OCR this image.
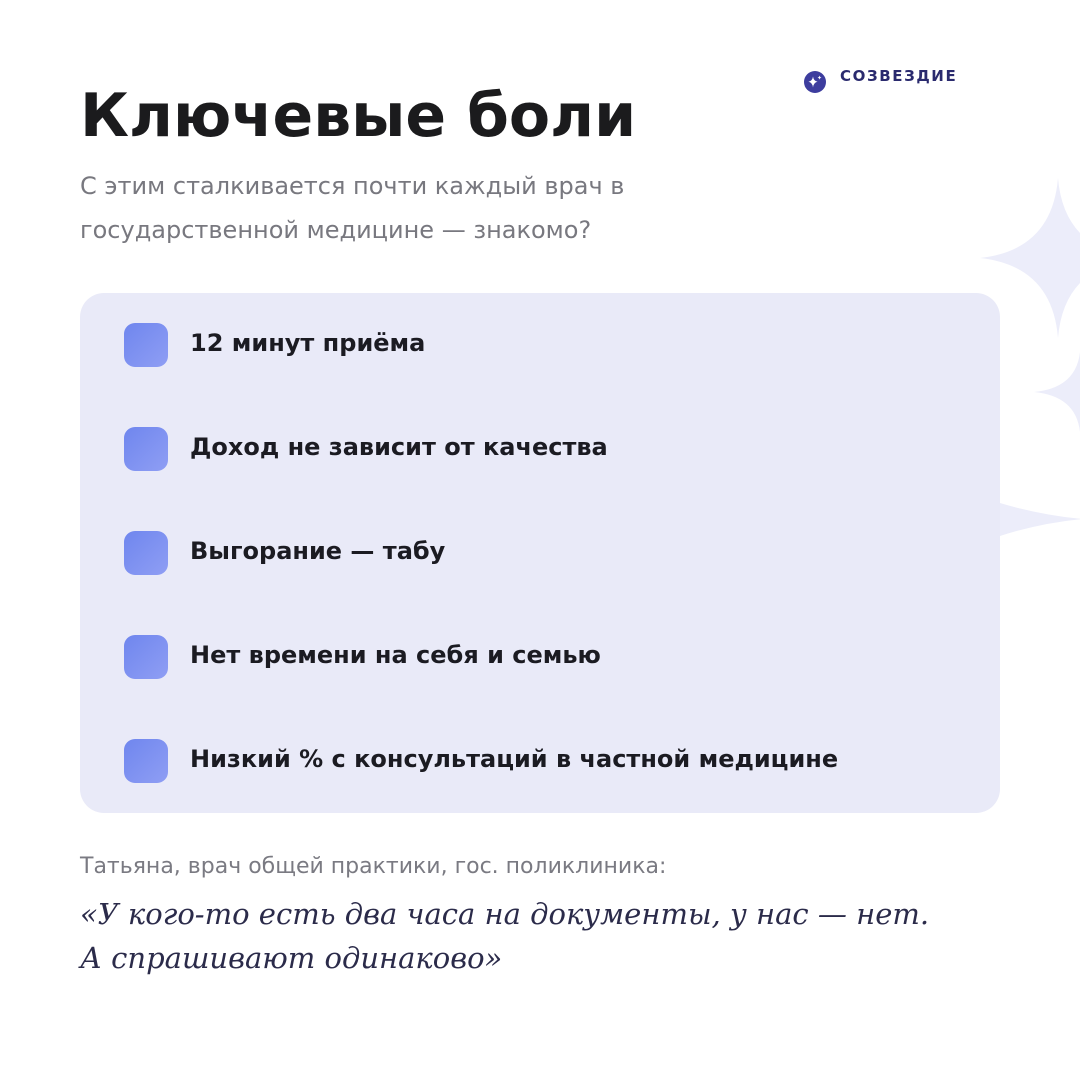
СОЗВЕЗДИЕ
Ключевые боли

С этим сталкивается почти каждый врач в государственной медицине — знакомо?

12 минут приёма
Доход не зависит от качества
Выгорание — табу
Нет времени на себя и семью
Низкий % с консультаций в частной медицине

Татьяна, врач общей практики, гос. поликлиника:

«У кого-то есть два часа на документы, у нас — нет.
А спрашивают одинаково»
